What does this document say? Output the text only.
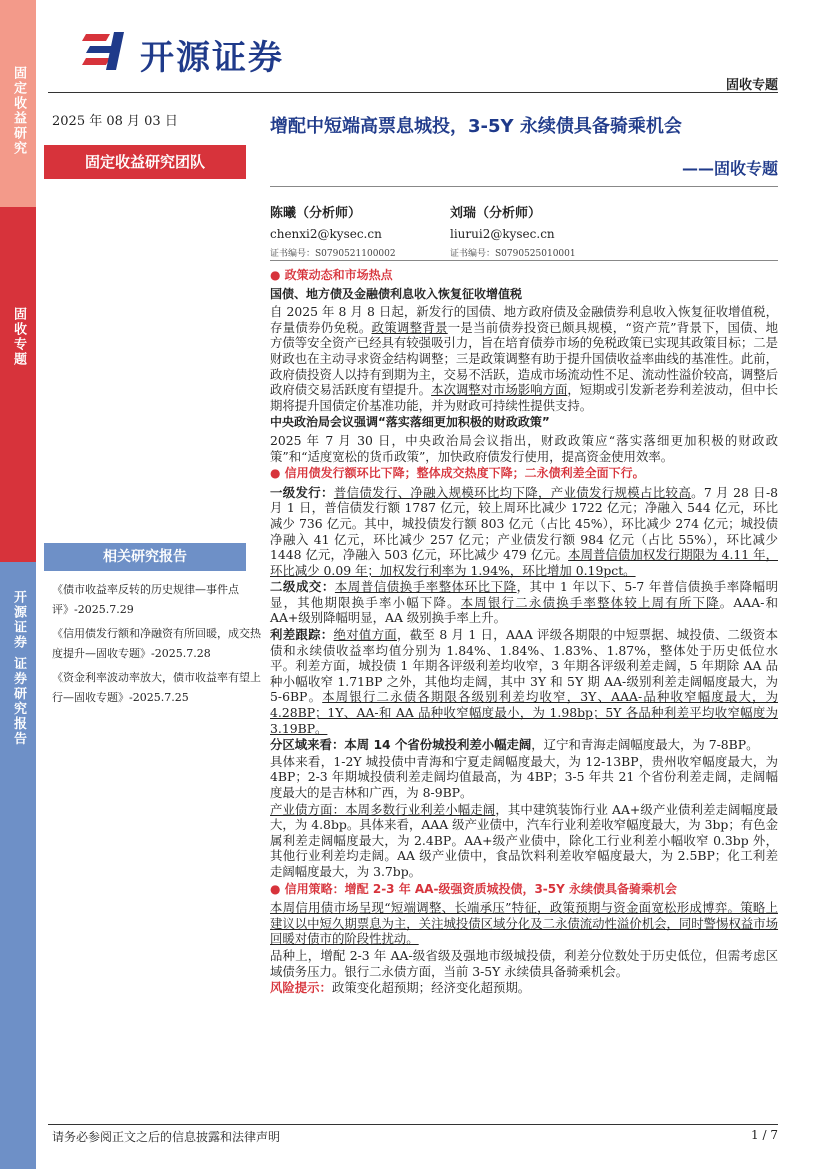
固定收益研究
固收专题
开源证券 证券研究报告
开源证券
固收专题
2025 年 08 月 03 日
固定收益研究团队
增配中短端高票息城投，3-5Y 永续债具备骑乘机会
——固收专题
陈曦（分析师）
chenxi2@kysec.cn
证书编号：S0790521100002
刘瑞（分析师）
liurui2@kysec.cn
证书编号：S0790525010001
相关研究报告
《债市收益率反转的历史规律—事件点评》-2025.7.29
《信用债发行额和净融资有所回暖，成交热度提升—固收专题》-2025.7.28
《资金利率波动率放大，债市收益率有望上行—固收专题》-2025.7.25

● 政策动态和市场热点

国债、地方债及金融债利息收入恢复征收增值税

自 2025 年 8 月 8 日起，新发行的国债、地方政府债及金融债券利息收入恢复征收增值税，存量债券仍免税。政策调整背景一是当前债券投资已颇具规模，“资产荒”背景下，国债、地方债等安全资产已经具有较强吸引力，旨在培育债券市场的免税政策已实现其政策目标；二是财政也在主动寻求资金结构调整；三是政策调整有助于提升国债收益率曲线的基准性。此前，政府债投资人以持有到期为主，交易不活跃，造成市场流动性不足、流动性溢价较高，调整后政府债交易活跃度有望提升。本次调整对市场影响方面，短期或引发新老券利差波动，但中长期将提升国债定价基准功能，并为财政可持续性提供支持。

中央政治局会议强调“落实落细更加积极的财政政策”

2025 年 7 月 30 日，中央政治局会议指出，财政政策应“落实落细更加积极的财政政策”和“适度宽松的货币政策”，加快政府债发行使用，提高资金使用效率。

● 信用债发行额环比下降；整体成交热度下降；二永债利差全面下行。

一级发行：普信债发行、净融入规模环比均下降，产业债发行规模占比较高。7 月 28 日-8 月 1 日，普信债发行额 1787 亿元，较上周环比减少 1722 亿元；净融入 544 亿元，环比减少 736 亿元。其中，城投债发行额 803 亿元（占比 45%），环比减少 274 亿元；城投债净融入 41 亿元，环比减少 257 亿元；产业债发行额 984 亿元（占比 55%），环比减少 1448 亿元，净融入 503 亿元，环比减少 479 亿元。本周普信债加权发行期限为 4.11 年，环比减少 0.09 年；加权发行利率为 1.94%，环比增加 0.19pct。

二级成交：本周普信债换手率整体环比下降，其中 1 年以下、5-7 年普信债换手率降幅明显，其他期限换手率小幅下降。本周银行二永债换手率整体较上周有所下降。AAA-和 AA+级别降幅明显，AA 级别换手率上升。

利差跟踪：绝对值方面，截至 8 月 1 日，AAA 评级各期限的中短票据、城投债、二级资本债和永续债收益率均值分别为 1.84%、1.84%、1.83%、1.87%，整体处于历史低位水平。利差方面，城投债 1 年期各评级利差均收窄，3 年期各评级利差走阔，5 年期除 AA 品种小幅收窄 1.71BP 之外，其他均走阔，其中 3Y 和 5Y 期 AA-级别利差走阔幅度最大，为 5-6BP。本周银行二永债各期限各级别利差均收窄，3Y、AAA-品种收窄幅度最大，为 4.28BP；1Y、AA-和 AA 品种收窄幅度最小，为 1.98bp；5Y 各品种利差平均收窄幅度为 3.19BP。

分区域来看：本周 14 个省份城投利差小幅走阔，辽宁和青海走阔幅度最大，为 7-8BP。

具体来看，1-2Y 城投债中青海和宁夏走阔幅度最大，为 12-13BP，贵州收窄幅度最大，为 4BP；2-3 年期城投债利差走阔均值最高，为 4BP；3-5 年共 21 个省份利差走阔，走阔幅度最大的是吉林和广西，为 8-9BP。

产业债方面：本周多数行业利差小幅走阔，其中建筑装饰行业 AA+级产业债利差走阔幅度最大，为 4.8bp。具体来看，AAA 级产业债中，汽车行业利差收窄幅度最大，为 3bp；有色金属利差走阔幅度最大，为 2.4BP。AA+级产业债中，除化工行业利差小幅收窄 0.3bp 外，其他行业利差均走阔。AA 级产业债中，食品饮料利差收窄幅度最大，为 2.5BP；化工利差走阔幅度最大，为 3.7bp。

● 信用策略：增配 2-3 年 AA-级强资质城投债，3-5Y 永续债具备骑乘机会

本周信用债市场呈现“短端调整、长端承压”特征，政策预期与资金面宽松形成博弈。策略上建议以中短久期票息为主，关注城投债区域分化及二永债流动性溢价机会，同时警惕权益市场回暖对债市的阶段性扰动。

品种上，增配 2-3 年 AA-级省级及强地市级城投债，利差分位数处于历史低位，但需考虑区域债务压力。银行二永债方面，当前 3-5Y 永续债具备骑乘机会。

风险提示：政策变化超预期；经济变化超预期。

请务必参阅正文之后的信息披露和法律声明	1 / 7
